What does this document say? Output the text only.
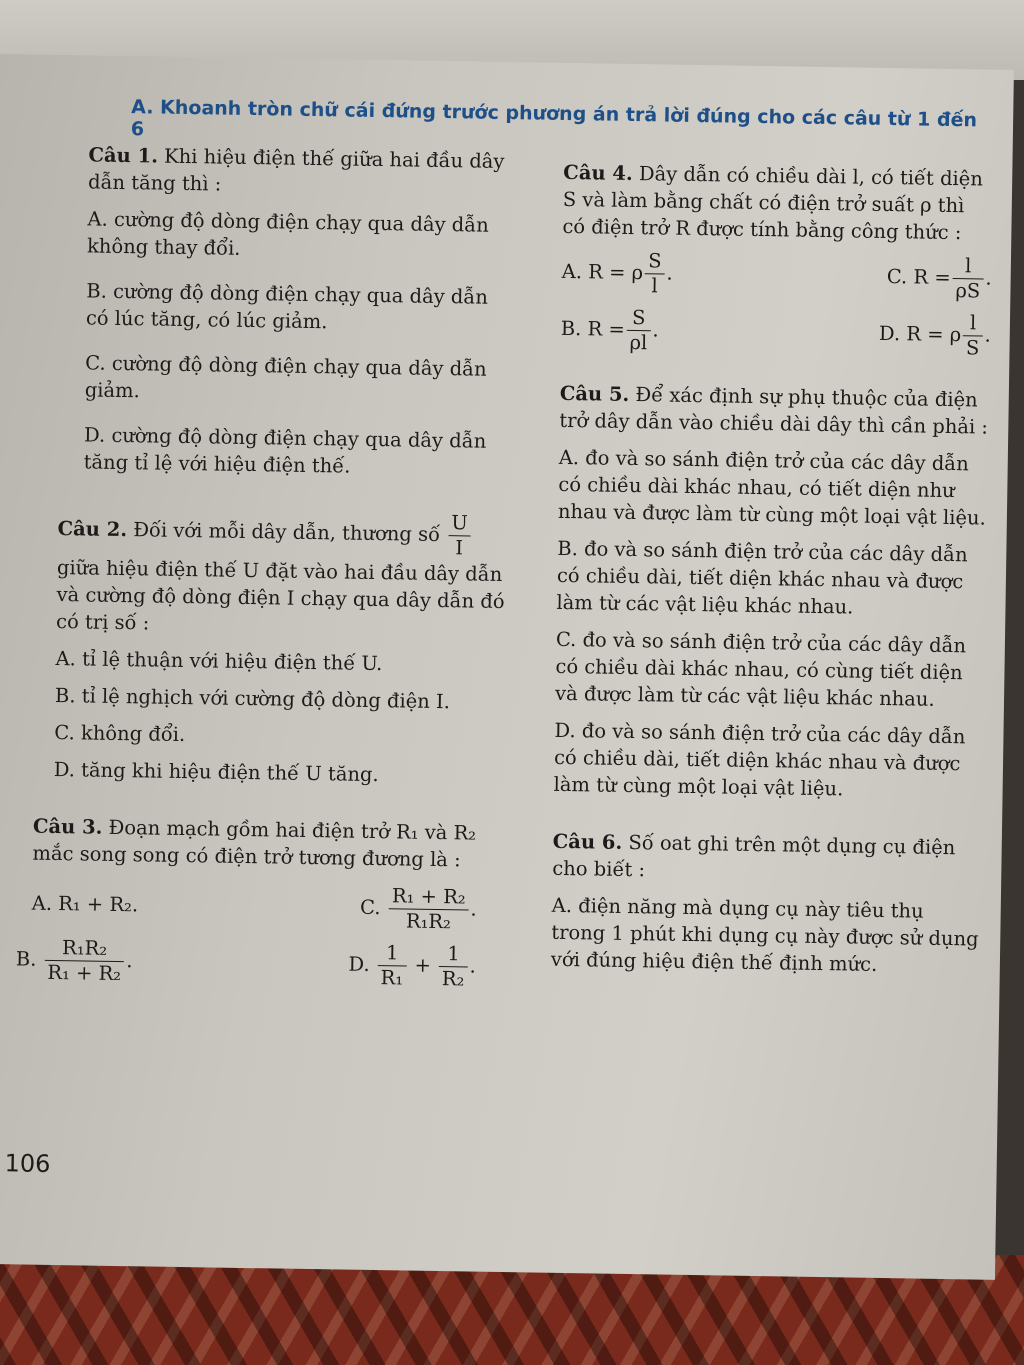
A. Khoanh tròn chữ cái đứng trước phương án trả lời đúng cho các câu từ 1 đến 6

Câu 1. Khi hiệu điện thế giữa hai đầu dây dẫn tăng thì :

A. cường độ dòng điện chạy qua dây dẫn không thay đổi.

B. cường độ dòng điện chạy qua dây dẫn có lúc tăng, có lúc giảm.

C. cường độ dòng điện chạy qua dây dẫn giảm.

D. cường độ dòng điện chạy qua dây dẫn tăng tỉ lệ với hiệu điện thế.

Câu 2. Đối với mỗi dây dẫn, thương số $\frac{U}{I}$

giữa hiệu điện thế U đặt vào hai đầu dây dẫn và cường độ dòng điện I chạy qua dây dẫn đó có trị số :

A. tỉ lệ thuận với hiệu điện thế U.

B. tỉ lệ nghịch với cường độ dòng điện I.

C. không đổi.

D. tăng khi hiệu điện thế U tăng.

Câu 3. Đoạn mạch gồm hai điện trở R₁ và R₂ mắc song song có điện trở tương đương là :

A. R₁ + R₂.	C. $\frac{\text{R₁ + R₂}}{\text{R₁R₂}}$ .
B. $\frac{\text{R₁R₂}}{\text{R₁ + R₂}}$ .	D. $\frac{1}{\text{R₁}} + \frac{1}{\text{R₂}}$ .

Câu 4. Dây dẫn có chiều dài l, có tiết diện S và làm bằng chất có điện trở suất ρ thì có điện trở R được tính bằng công thức :

A. R = ρ $\frac{S}{l}$ .	C. $R = \frac{l}{\rho S}$ .
B. $R = \frac{S}{\rho l}$ .	D. R = ρ $\frac{l}{S}$ .

Câu 5. Để xác định sự phụ thuộc của điện trở dây dẫn vào chiều dài dây thì cần phải :

A. đo và so sánh điện trở của các dây dẫn có chiều dài khác nhau, có tiết diện như nhau và được làm từ cùng một loại vật liệu.

B. đo và so sánh điện trở của các dây dẫn có chiều dài, tiết diện khác nhau và được làm từ các vật liệu khác nhau.

C. đo và so sánh điện trở của các dây dẫn có chiều dài khác nhau, có cùng tiết diện và được làm từ các vật liệu khác nhau.

D. đo và so sánh điện trở của các dây dẫn có chiều dài, tiết diện khác nhau và được làm từ cùng một loại vật liệu.

Câu 6. Số oat ghi trên một dụng cụ điện cho biết :

A. điện năng mà dụng cụ này tiêu thụ trong 1 phút khi dụng cụ này được sử dụng với đúng hiệu điện thế định mức.

106
